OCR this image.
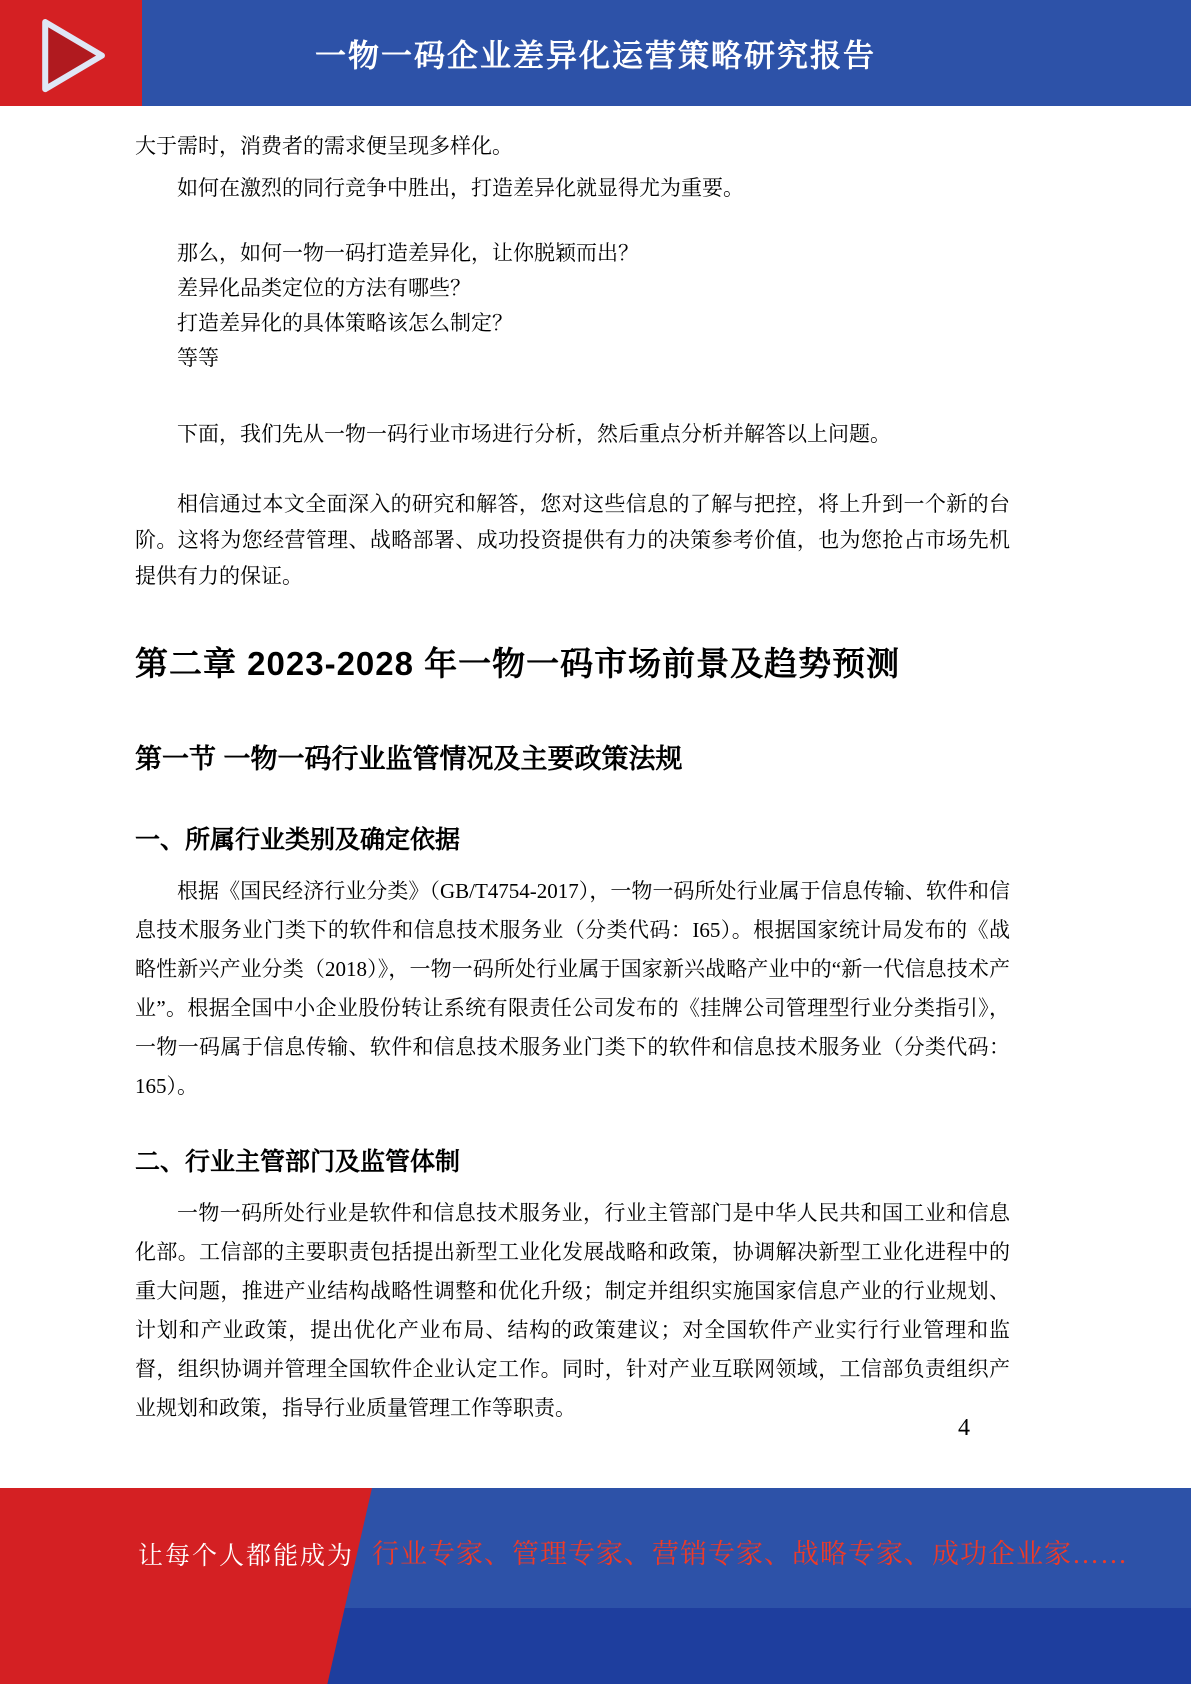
一物一码企业差异化运营策略研究报告

大于需时，消费者的需求便呈现多样化。

如何在激烈的同行竞争中胜出，打造差异化就显得尤为重要。

那么，如何一物一码打造差异化，让你脱颖而出？

差异化品类定位的方法有哪些？

打造差异化的具体策略该怎么制定？

等等

下面，我们先从一物一码行业市场进行分析，然后重点分析并解答以上问题。

相信通过本文全面深入的研究和解答，您对这些信息的了解与把控，将上升到一个新的台阶。这将为您经营管理、战略部署、成功投资提供有力的决策参考价值，也为您抢占市场先机提供有力的保证。

第二章 2023-2028 年一物一码市场前景及趋势预测
第一节 一物一码行业监管情况及主要政策法规
一、所属行业类别及确定依据

根据《国民经济行业分类》（GB/T4754-2017），一物一码所处行业属于信息传输、软件和信息技术服务业门类下的软件和信息技术服务业（分类代码：I65）。根据国家统计局发布的《战略性新兴产业分类（2018）》，一物一码所处行业属于国家新兴战略产业中的“新一代信息技术产业”。根据全国中小企业股份转让系统有限责任公司发布的《挂牌公司管理型行业分类指引》，一物一码属于信息传输、软件和信息技术服务业门类下的软件和信息技术服务业（分类代码：165）。

二、行业主管部门及监管体制

一物一码所处行业是软件和信息技术服务业，行业主管部门是中华人民共和国工业和信息化部。工信部的主要职责包括提出新型工业化发展战略和政策，协调解决新型工业化进程中的重大问题，推进产业结构战略性调整和优化升级；制定并组织实施国家信息产业的行业规划、计划和产业政策，提出优化产业布局、结构的政策建议；对全国软件产业实行行业管理和监督，组织协调并管理全国软件企业认定工作。同时，针对产业互联网领域，工信部负责组织产业规划和政策，指导行业质量管理工作等职责。

4
让每个人都能成为 行业专家、管理专家、营销专家、战略专家、成功企业家……
